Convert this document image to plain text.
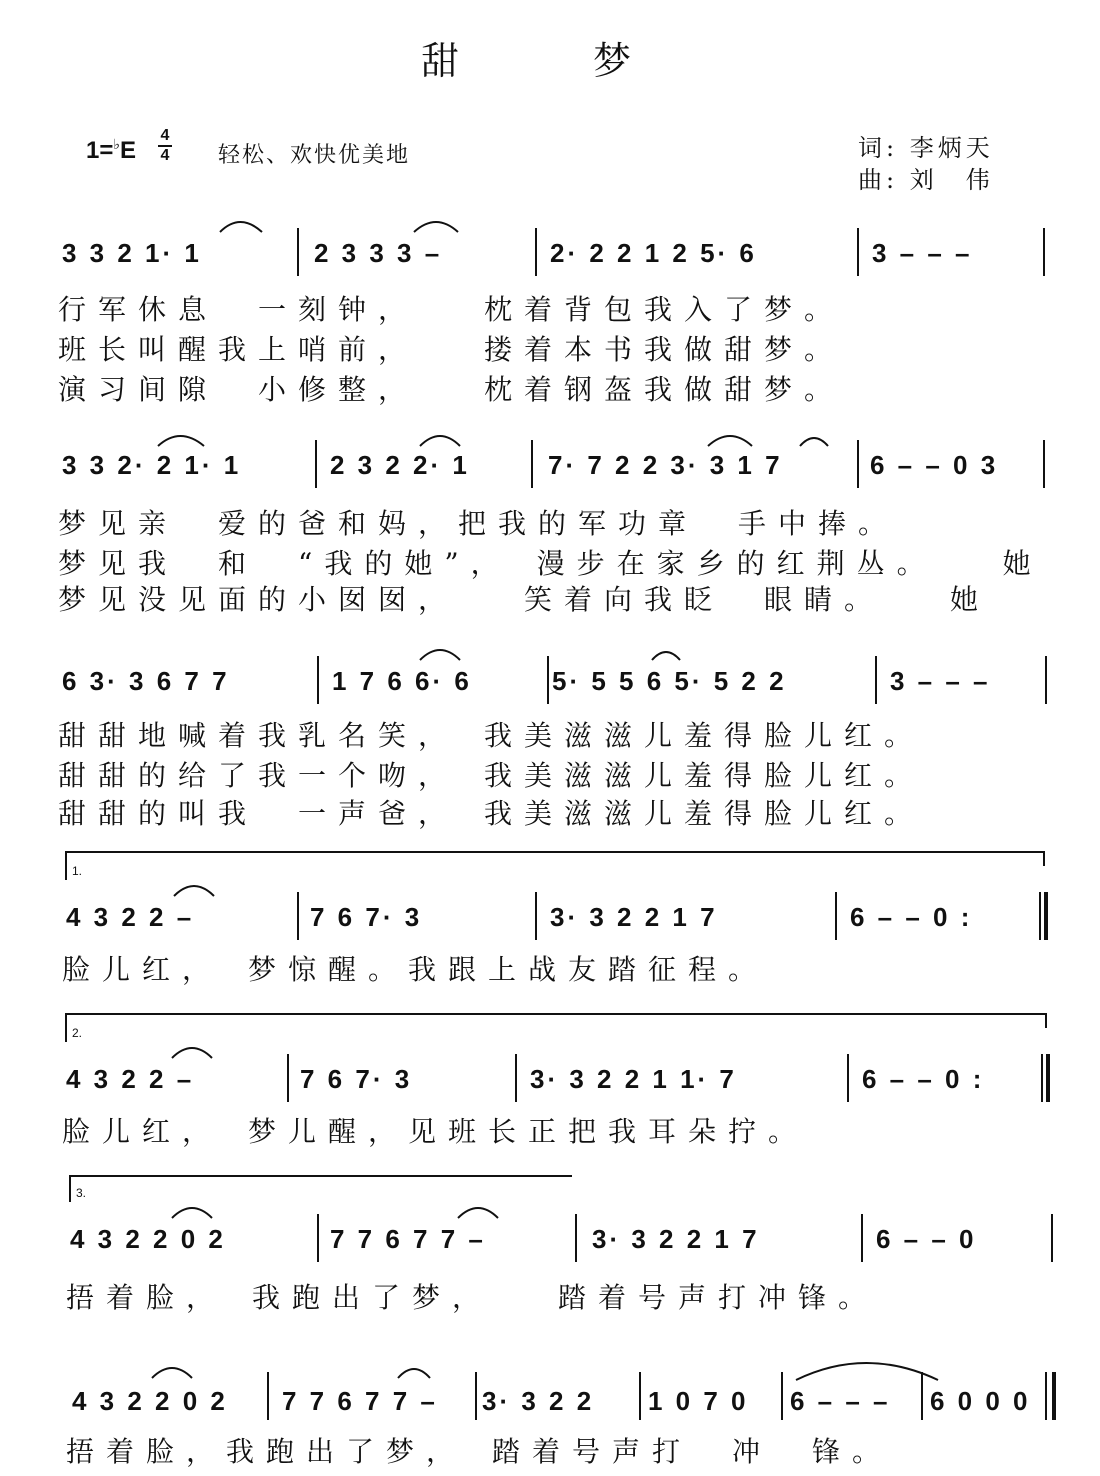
甜　梦
1=♭E
4
4 轻松、欢快优美地	词: 李炳天
曲: 刘　伟
3 3 2 1· 1	2 3 3 3 –	2· 2 2 1 2 5· 6	3 – – –
行军休息　一刻钟，　　枕着背包我入了梦。
班长叫醒我上哨前，　　搂着本书我做甜梦。
演习间隙　小修整，　　枕着钢盔我做甜梦。
3 3 2· 2 1· 1	2 3 2 2· 1	7· 7 2 2 3· 3 1 7	6 – – 0 3
梦见亲　爱的爸和妈，把我的军功章　手中捧。
梦见我　和　“我的她”，　漫步在家乡的红荆丛。　　她
梦见没见面的小囡囡，　　笑着向我眨　眼睛。　　她
6 3· 3 6 7 7	1 7 6 6· 6	5· 5 5 6 5· 5 2 2	3 – – –
甜甜地喊着我乳名笑，　我美滋滋儿羞得脸儿红。
甜甜的给了我一个吻，　我美滋滋儿羞得脸儿红。
甜甜的叫我　一声爸，　我美滋滋儿羞得脸儿红。
1.
4 3 2 2 –	7 6 7· 3	3· 3 2 2 1 7	6 – – 0 :
脸儿红，　梦惊醒。我跟上战友踏征程。
2.
4 3 2 2 –	7 6 7· 3	3· 3 2 2 1 1· 7	6 – – 0 :
脸儿红，　梦儿醒，见班长正把我耳朵拧。
3.
4 3 2 2 0 2	7 7 6 7 7 –	3· 3 2 2 1 7	6 – – 0
捂着脸，　我跑出了梦，　　踏着号声打冲锋。
4 3 2 2 0 2 7 7 6 7 7 – 3· 3 2 2 1 0 7 0 6 – – – 6 0 0 0
捂着脸，我跑出了梦，　踏着号声打　冲　锋。
